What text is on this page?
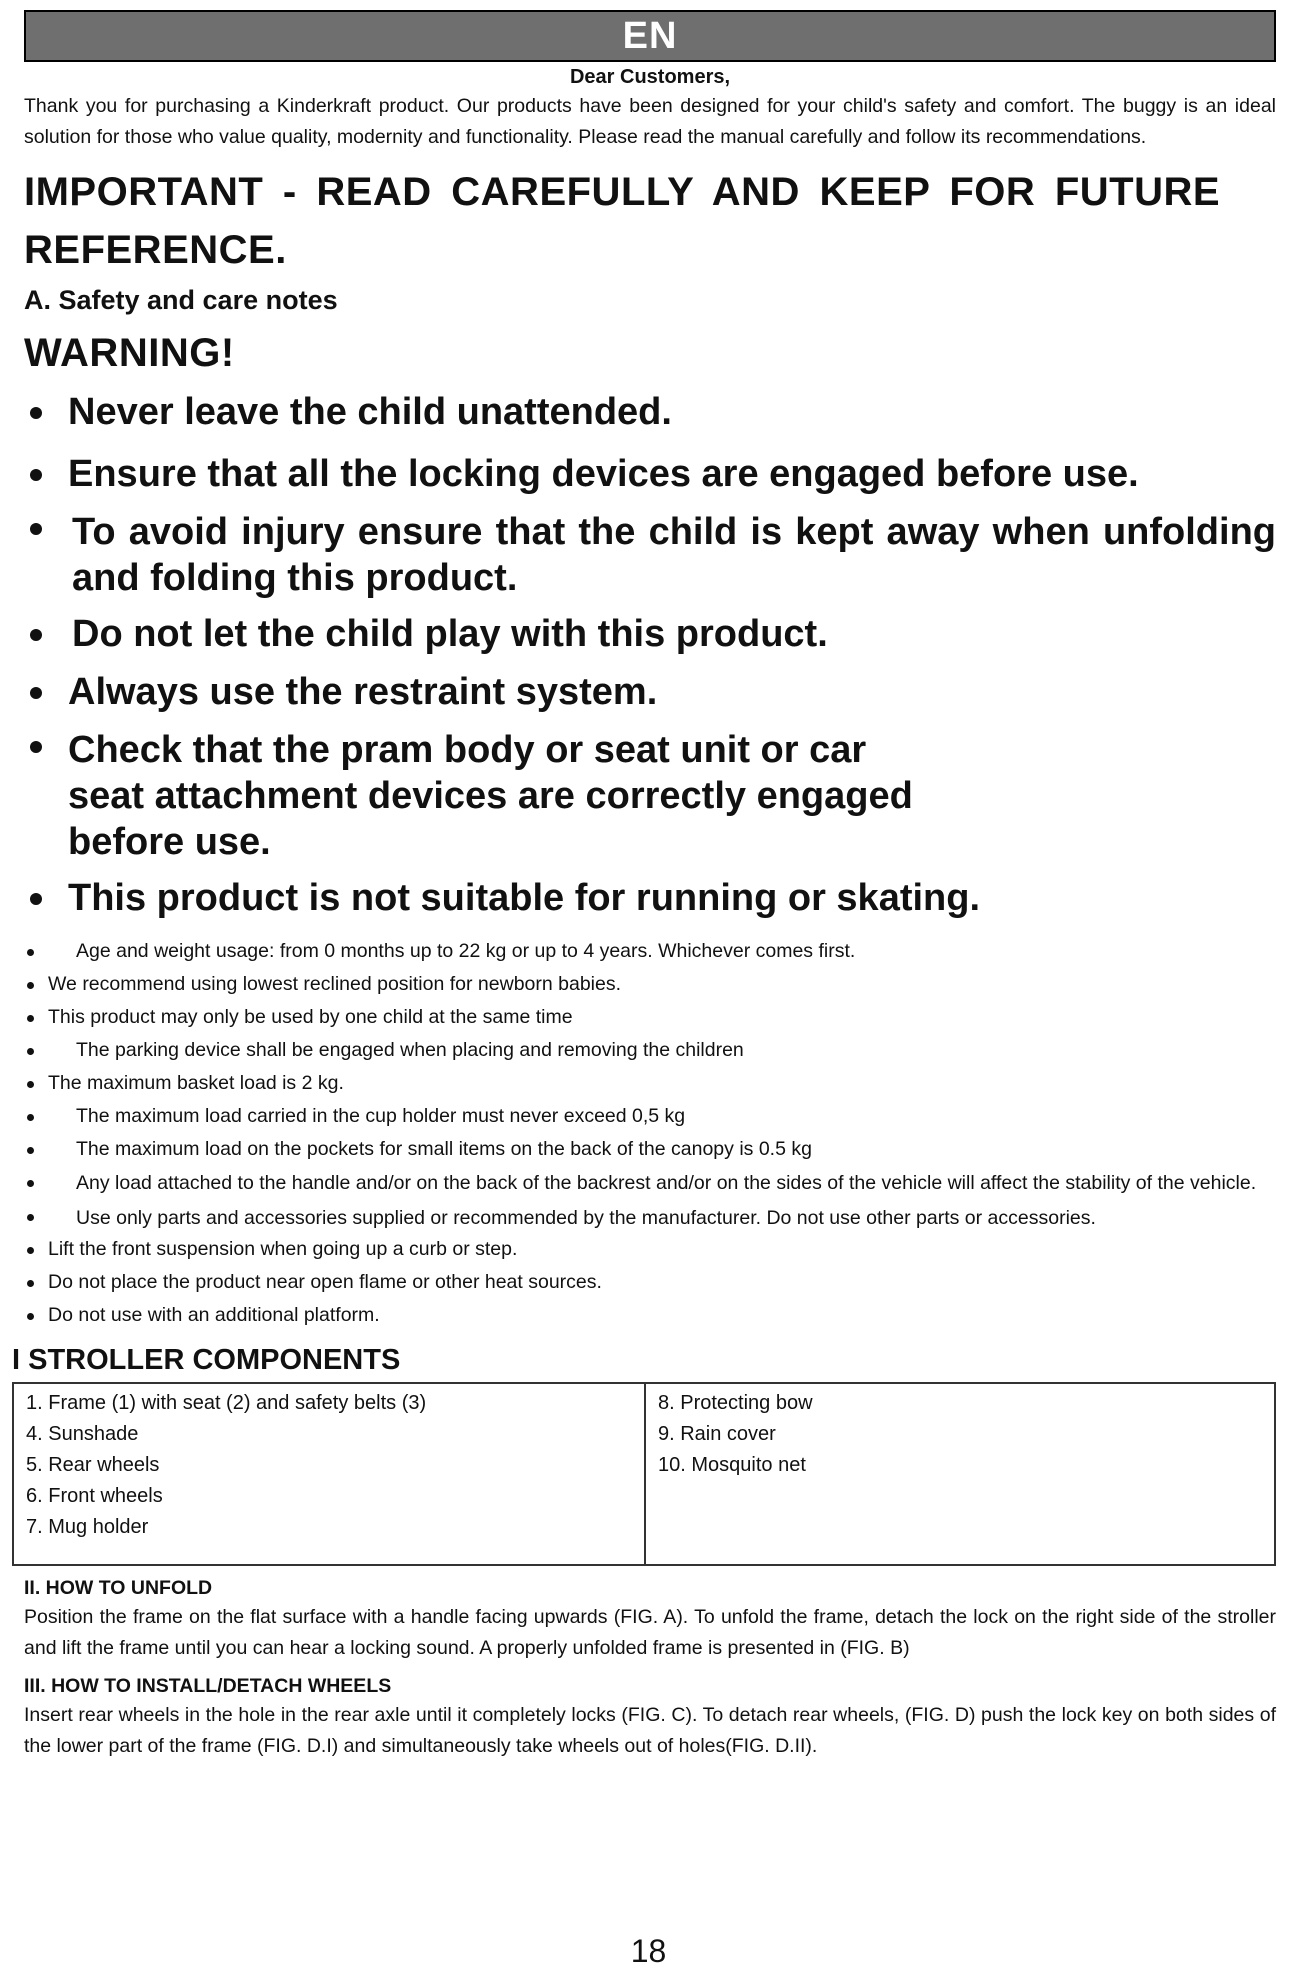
EN
Dear Customers,

Thank you for purchasing a Kinderkraft product. Our products have been designed for your child's safety and comfort. The buggy is an ideal solution for those who value quality, modernity and functionality. Please read the manual carefully and follow its recommendations.

IMPORTANT - READ CAREFULLY AND KEEP FOR FUTURE REFERENCE.
A. Safety and care notes
WARNING!
Never leave the child unattended.
Ensure that all the locking devices are engaged before use.
To avoid injury ensure that the child is kept away when unfolding and folding this product.
Do not let the child play with this product.
Always use the restraint system.
Check that the pram body or seat unit or car seat attachment devices are correctly engaged before use.
This product is not suitable for running or skating.
Age and weight usage: from 0 months up to 22 kg or up to 4 years. Whichever comes first.
We recommend using lowest reclined position for newborn babies.
This product may only be used by one child at the same time
The parking device shall be engaged when placing and removing the children
The maximum basket load is 2 kg.
The maximum load carried in the cup holder must never exceed 0,5 kg
The maximum load on the pockets for small items on the back of the canopy is 0.5 kg
Any load attached to the handle and/or on the back of the backrest and/or on the sides of the vehicle will affect the stability of the vehicle.
Use only parts and accessories supplied or recommended by the manufacturer. Do not use other parts or accessories.
Lift the front suspension when going up a curb or step.
Do not place the product near open flame or other heat sources.
Do not use with an additional platform.
I STROLLER COMPONENTS
1. Frame (1) with seat (2) and safety belts (3)
4. Sunshade
5. Rear wheels
6. Front wheels
7. Mug holder

8. Protecting bow
9. Rain cover
10. Mosquito net
II. HOW TO UNFOLD
Position the frame on the flat surface with a handle facing upwards (FIG. A). To unfold the frame, detach the lock on the right side of the stroller and lift the frame until you can hear a locking sound. A properly unfolded frame is presented in (FIG. B)
III. HOW TO INSTALL/DETACH WHEELS
Insert rear wheels in the hole in the rear axle until it completely locks (FIG. C). To detach rear wheels, (FIG. D) push the lock key on both sides of the lower part of the frame (FIG. D.I) and simultaneously take wheels out of holes(FIG. D.II).
18
